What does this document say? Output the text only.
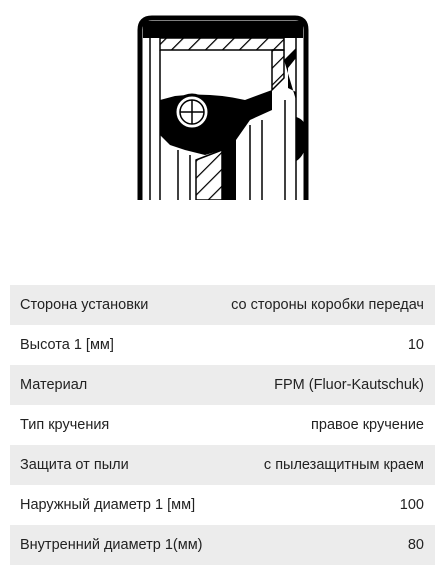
Сторона установки	со стороны коробки передач
Высота 1 [мм]	10
Материал	FPM (Fluor-Kautschuk)
Тип кручения	правое кручение
Защита от пыли	с пылезащитным краем
Наружный диаметр 1 [мм]	100
Внутренний диаметр 1(мм)	80
